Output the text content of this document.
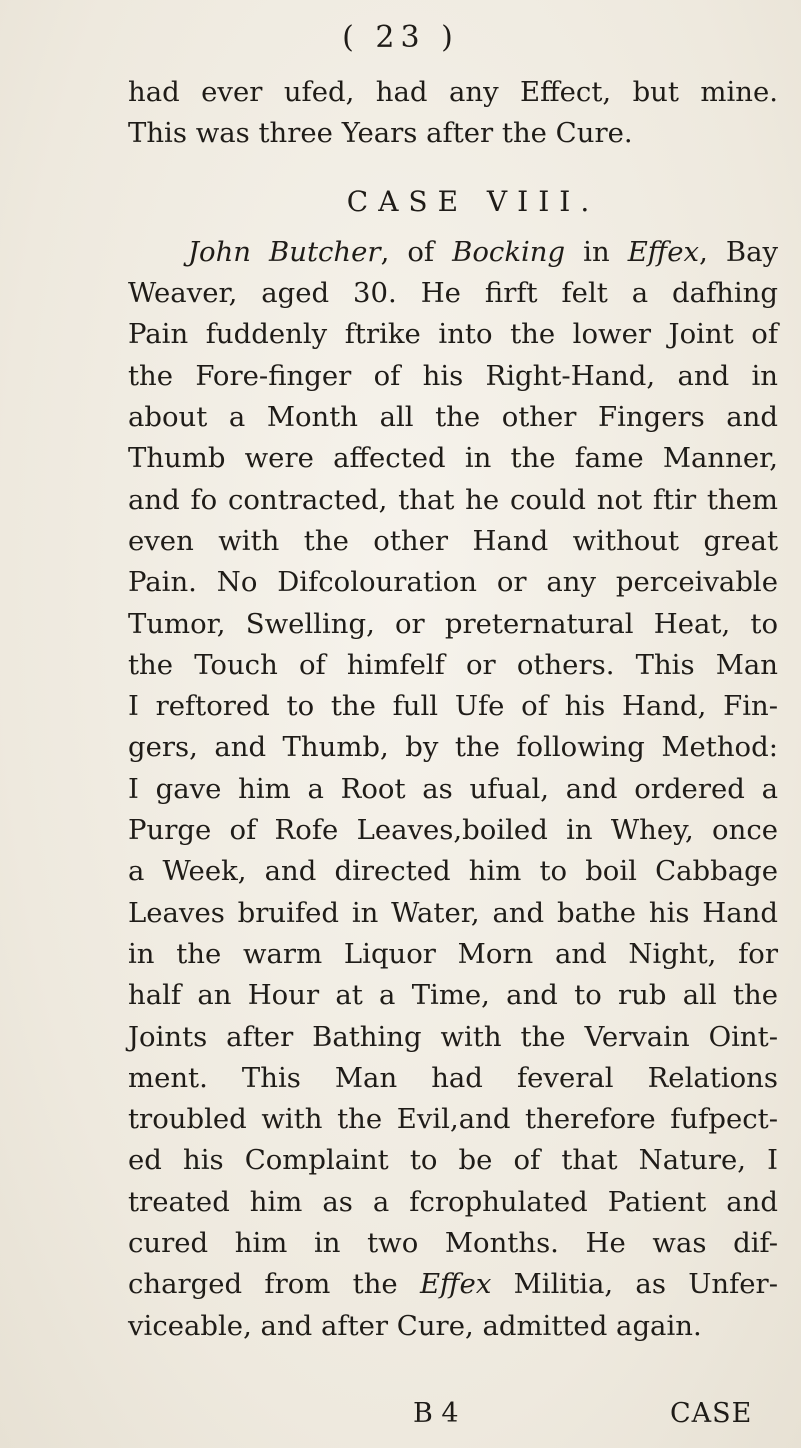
( 23 )
had ever ufed, had any Effect, but mine.
This was three Years after the Cure.
CASE VIII.
John Butcher, of Bocking in Effex, Bay
Weaver, aged 30. He firft felt a dafhing
Pain fuddenly ftrike into the lower Joint of
the Fore-finger of his Right-Hand, and in
about a Month all the other Fingers and
Thumb were affected in the fame Manner,
and fo contracted, that he could not ftir them
even with the other Hand without great
Pain. No Difcolouration or any perceivable
Tumor, Swelling, or preternatural Heat, to
the Touch of himfelf or others. This Man
I reftored to the full Ufe of his Hand, Fin-
gers, and Thumb, by the following Method:
I gave him a Root as ufual, and ordered a
Purge of Rofe Leaves,boiled in Whey, once
a Week, and directed him to boil Cabbage
Leaves bruifed in Water, and bathe his Hand
in the warm Liquor Morn and Night, for
half an Hour at a Time, and to rub all the
Joints after Bathing with the Vervain Oint-
ment. This Man had feveral Relations
troubled with the Evil,and therefore fufpect-
ed his Complaint to be of that Nature, I
treated him as a fcrophulated Patient and
cured him in two Months. He was dif-
charged from the Effex Militia, as Unfer-
viceable, and after Cure, admitted again.
B 4	CASE
